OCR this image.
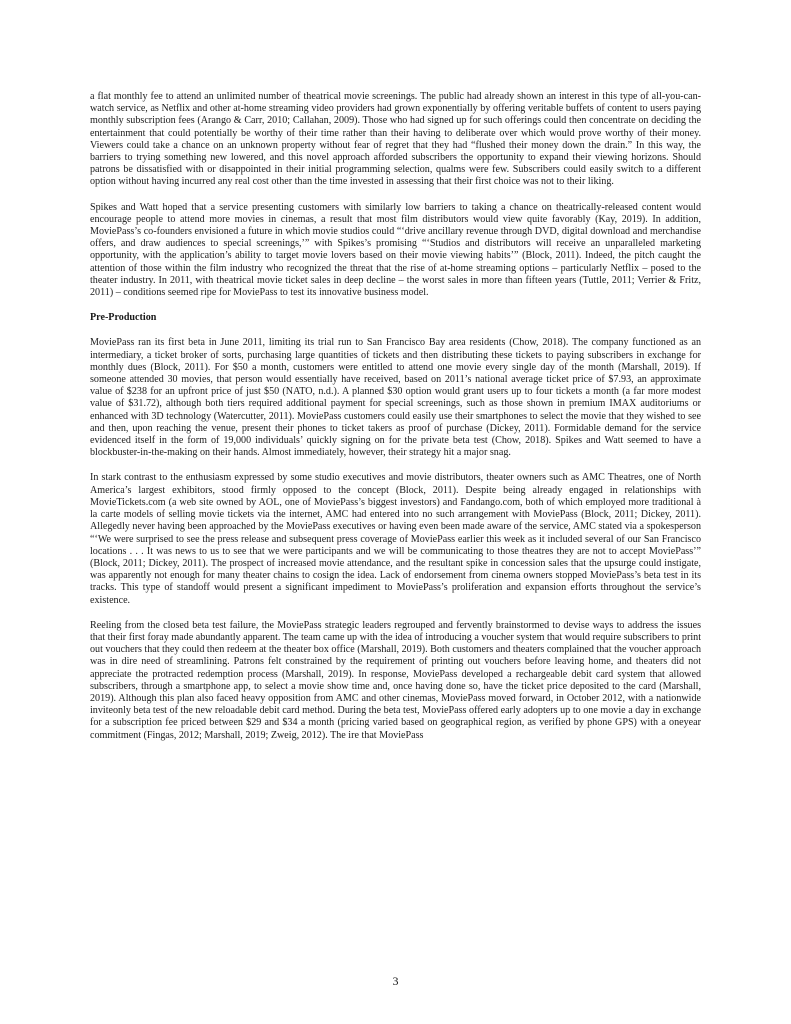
a flat monthly fee to attend an unlimited number of theatrical movie screenings. The public had already shown an interest in this type of all-you-can-watch service, as Netflix and other at-home streaming video providers had grown exponentially by offering veritable buffets of content to users paying monthly subscription fees (Arango & Carr, 2010; Callahan, 2009). Those who had signed up for such offerings could then concentrate on deciding the entertainment that could potentially be worthy of their time rather than their having to deliberate over which would prove worthy of their money. Viewers could take a chance on an unknown property without fear of regret that they had “flushed their money down the drain.” In this way, the barriers to trying something new lowered, and this novel approach afforded subscribers the opportunity to expand their viewing horizons. Should patrons be dissatisfied with or disappointed in their initial programming selection, qualms were few. Subscribers could easily switch to a different option without having incurred any real cost other than the time invested in assessing that their first choice was not to their liking.

Spikes and Watt hoped that a service presenting customers with similarly low barriers to taking a chance on theatrically-released content would encourage people to attend more movies in cinemas, a result that most film distributors would view quite favorably (Kay, 2019). In addition, MoviePass’s co-founders envisioned a future in which movie studios could “‘drive ancillary revenue through DVD, digital download and merchandise offers, and draw audiences to special screenings,’” with Spikes’s promising “‘Studios and distributors will receive an unparalleled marketing opportunity, with the application’s ability to target movie lovers based on their movie viewing habits’” (Block, 2011). Indeed, the pitch caught the attention of those within the film industry who recognized the threat that the rise of at-home streaming options – particularly Netflix – posed to the theater industry. In 2011, with theatrical movie ticket sales in deep decline – the worst sales in more than fifteen years (Tuttle, 2011; Verrier & Fritz, 2011) – conditions seemed ripe for MoviePass to test its innovative business model.

Pre-Production

MoviePass ran its first beta in June 2011, limiting its trial run to San Francisco Bay area residents (Chow, 2018). The company functioned as an intermediary, a ticket broker of sorts, purchasing large quantities of tickets and then distributing these tickets to paying subscribers in exchange for monthly dues (Block, 2011). For $50 a month, customers were entitled to attend one movie every single day of the month (Marshall, 2019). If someone attended 30 movies, that person would essentially have received, based on 2011’s national average ticket price of $7.93, an approximate value of $238 for an upfront price of just $50 (NATO, n.d.). A planned $30 option would grant users up to four tickets a month (a far more modest value of $31.72), although both tiers required additional payment for special screenings, such as those shown in premium IMAX auditoriums or enhanced with 3D technology (Watercutter, 2011). MoviePass customers could easily use their smartphones to select the movie that they wished to see and then, upon reaching the venue, present their phones to ticket takers as proof of purchase (Dickey, 2011). Formidable demand for the service evidenced itself in the form of 19,000 individuals’ quickly signing on for the private beta test (Chow, 2018). Spikes and Watt seemed to have a blockbuster-in-the-making on their hands. Almost immediately, however, their strategy hit a major snag.

In stark contrast to the enthusiasm expressed by some studio executives and movie distributors, theater owners such as AMC Theatres, one of North America’s largest exhibitors, stood firmly opposed to the concept (Block, 2011). Despite being already engaged in relationships with MovieTickets.com (a web site owned by AOL, one of MoviePass’s biggest investors) and Fandango.com, both of which employed more traditional à la carte models of selling movie tickets via the internet, AMC had entered into no such arrangement with MoviePass (Block, 2011; Dickey, 2011). Allegedly never having been approached by the MoviePass executives or having even been made aware of the service, AMC stated via a spokesperson “‘We were surprised to see the press release and subsequent press coverage of MoviePass earlier this week as it included several of our San Francisco locations . . . It was news to us to see that we were participants and we will be communicating to those theatres they are not to accept MoviePass’” (Block, 2011; Dickey, 2011). The prospect of increased movie attendance, and the resultant spike in concession sales that the upsurge could instigate, was apparently not enough for many theater chains to cosign the idea. Lack of endorsement from cinema owners stopped MoviePass’s beta test in its tracks. This type of standoff would present a significant impediment to MoviePass’s proliferation and expansion efforts throughout the service’s existence.

Reeling from the closed beta test failure, the MoviePass strategic leaders regrouped and fervently brainstormed to devise ways to address the issues that their first foray made abundantly apparent. The team came up with the idea of introducing a voucher system that would require subscribers to print out vouchers that they could then redeem at the theater box office (Marshall, 2019). Both customers and theaters complained that the voucher approach was in dire need of streamlining. Patrons felt constrained by the requirement of printing out vouchers before leaving home, and theaters did not appreciate the protracted redemption process (Marshall, 2019). In response, MoviePass developed a rechargeable debit card system that allowed subscribers, through a smartphone app, to select a movie show time and, once having done so, have the ticket price deposited to the card (Marshall, 2019). Although this plan also faced heavy opposition from AMC and other cinemas, MoviePass moved forward, in October 2012, with a nationwide inviteonly beta test of the new reloadable debit card method. During the beta test, MoviePass offered early adopters up to one movie a day in exchange for a subscription fee priced between $29 and $34 a month (pricing varied based on geographical region, as verified by phone GPS) with a oneyear commitment (Fingas, 2012; Marshall, 2019; Zweig, 2012). The ire that MoviePass

3
